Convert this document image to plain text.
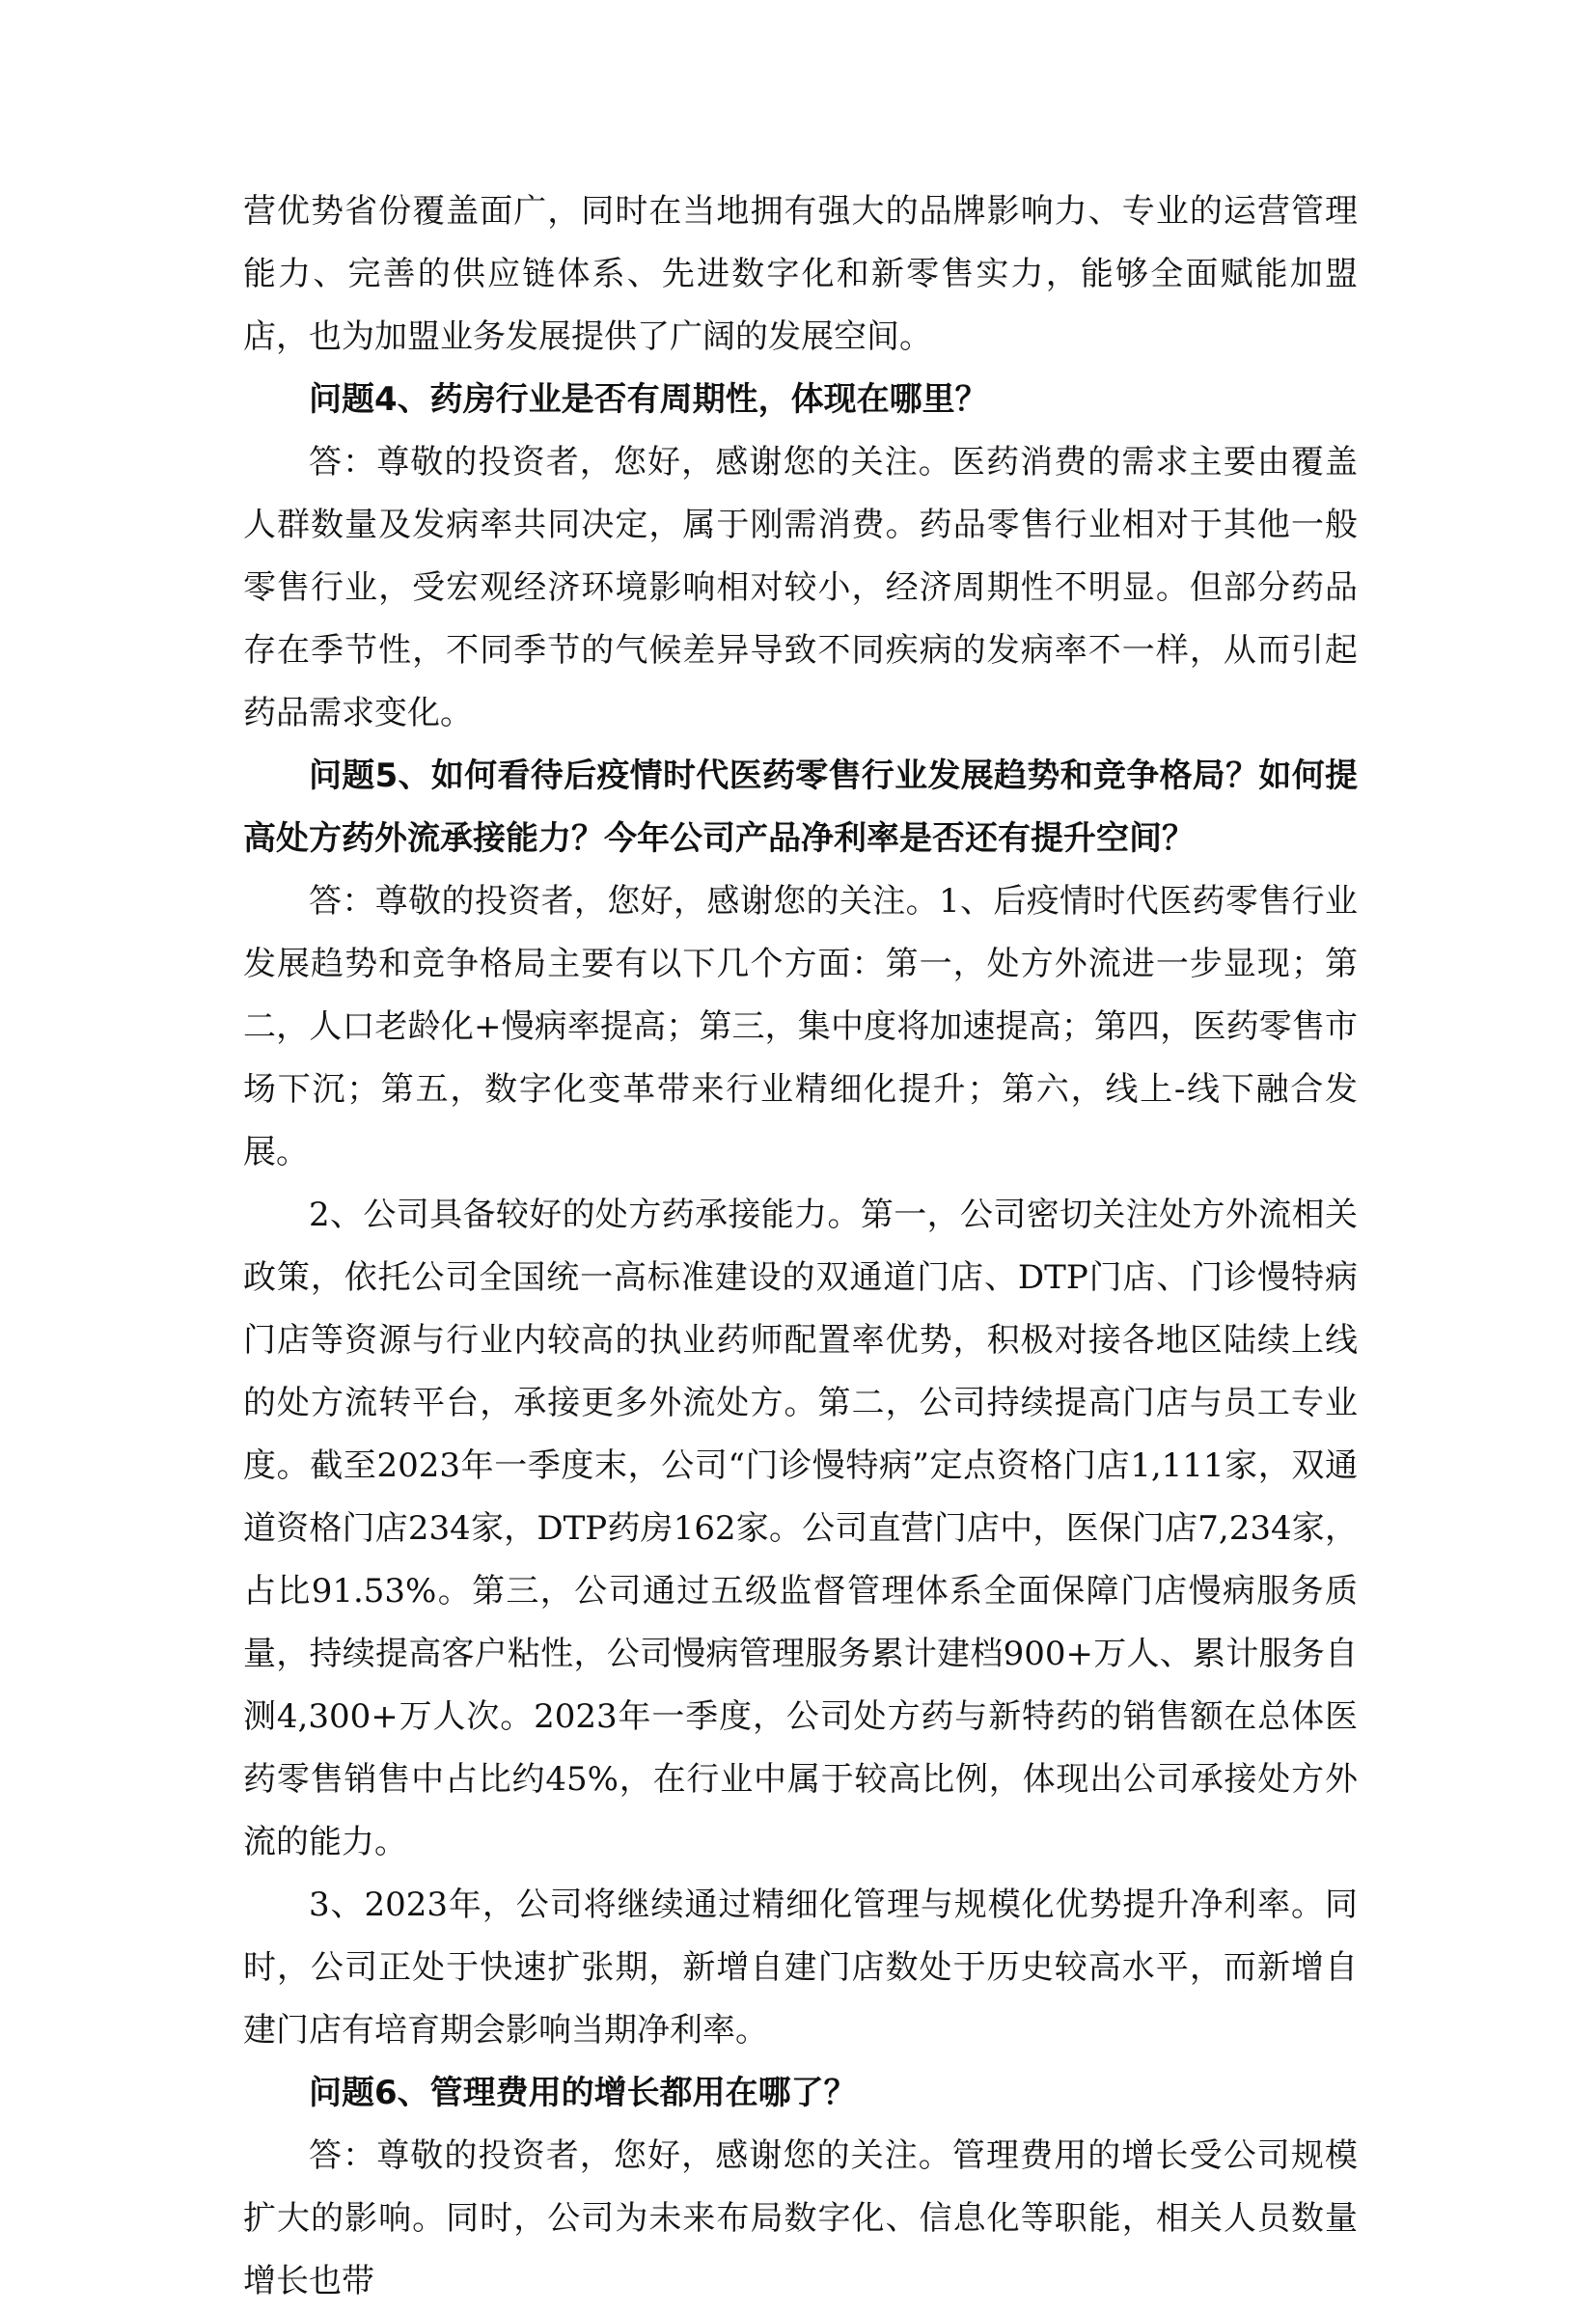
营优势省份覆盖面广，同时在当地拥有强大的品牌影响力、专业的运营管理能力、完善的供应链体系、先进数字化和新零售实力，能够全面赋能加盟店，也为加盟业务发展提供了广阔的发展空间。

问题4、药房行业是否有周期性，体现在哪里？

答：尊敬的投资者，您好，感谢您的关注。医药消费的需求主要由覆盖人群数量及发病率共同决定，属于刚需消费。药品零售行业相对于其他一般零售行业，受宏观经济环境影响相对较小，经济周期性不明显。但部分药品存在季节性，不同季节的气候差异导致不同疾病的发病率不一样，从而引起药品需求变化。

问题5、如何看待后疫情时代医药零售行业发展趋势和竞争格局？如何提高处方药外流承接能力？今年公司产品净利率是否还有提升空间？

答：尊敬的投资者，您好，感谢您的关注。1、后疫情时代医药零售行业发展趋势和竞争格局主要有以下几个方面：第一，处方外流进一步显现；第二，人口老龄化+慢病率提高；第三，集中度将加速提高；第四，医药零售市场下沉；第五，数字化变革带来行业精细化提升；第六，线上-线下融合发展。

2、公司具备较好的处方药承接能力。第一，公司密切关注处方外流相关政策，依托公司全国统一高标准建设的双通道门店、DTP门店、门诊慢特病门店等资源与行业内较高的执业药师配置率优势，积极对接各地区陆续上线的处方流转平台，承接更多外流处方。第二，公司持续提高门店与员工专业度。截至2023年一季度末，公司“门诊慢特病”定点资格门店1,111家，双通道资格门店234家，DTP药房162家。公司直营门店中，医保门店7,234家，占比91.53%。第三，公司通过五级监督管理体系全面保障门店慢病服务质量，持续提高客户粘性，公司慢病管理服务累计建档900+万人、累计服务自测4,300+万人次。2023年一季度，公司处方药与新特药的销售额在总体医药零售销售中占比约45%，在行业中属于较高比例，体现出公司承接处方外流的能力。

3、2023年，公司将继续通过精细化管理与规模化优势提升净利率。同时，公司正处于快速扩张期，新增自建门店数处于历史较高水平，而新增自建门店有培育期会影响当期净利率。

问题6、管理费用的增长都用在哪了？

答：尊敬的投资者，您好，感谢您的关注。管理费用的增长受公司规模扩大的影响。同时，公司为未来布局数字化、信息化等职能，相关人员数量增长也带
